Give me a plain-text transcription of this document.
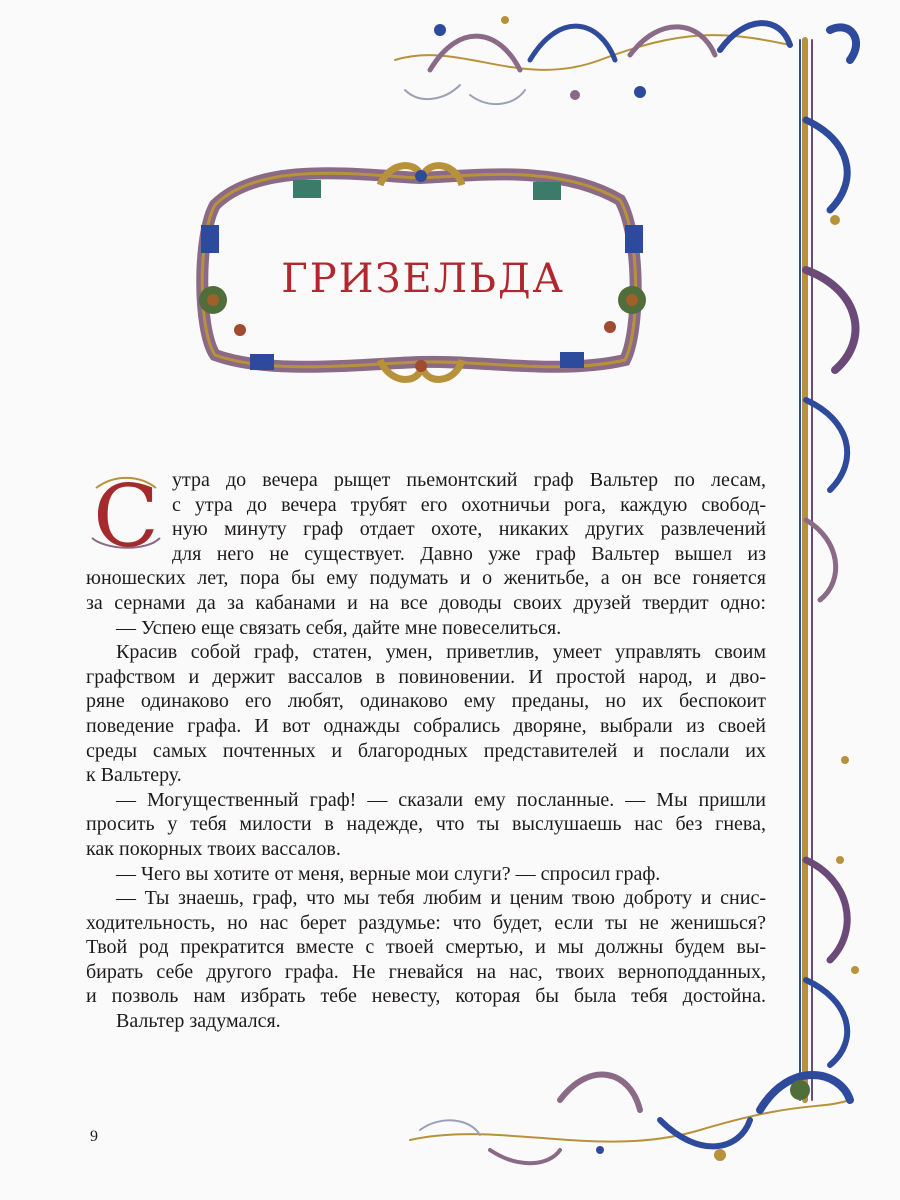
ГРИЗЕЛЬДА
С утра до вечера рыщет пьемонтский граф Вальтер по лесам,
с утра до вечера трубят его охотничьи рога, каждую свобод-
ную минуту граф отдает охоте, никаких других развлечений
для него не существует. Давно уже граф Вальтер вышел из
юношеских лет, пора бы ему подумать и о женитьбе, а он все гоняется
за сернами да за кабанами и на все доводы своих друзей твердит одно:
— Успею еще связать себя, дайте мне повеселиться.
Красив собой граф, статен, умен, приветлив, умеет управлять своим
графством и держит вассалов в повиновении. И простой народ, и дво-
ряне одинаково его любят, одинаково ему преданы, но их беспокоит
поведение графа. И вот однажды собрались дворяне, выбрали из своей
среды самых почтенных и благородных представителей и послали их
к Вальтеру.
— Могущественный граф! — сказали ему посланные. — Мы пришли
просить у тебя милости в надежде, что ты выслушаешь нас без гнева,
как покорных твоих вассалов.
— Чего вы хотите от меня, верные мои слуги? — спросил граф.
— Ты знаешь, граф, что мы тебя любим и ценим твою доброту и снис-
ходительность, но нас берет раздумье: что будет, если ты не женишься?
Твой род прекратится вместе с твоей смертью, и мы должны будем вы-
бирать себе другого графа. Не гневайся на нас, твоих верноподданных,
и позволь нам избрать тебе невесту, которая бы была тебя достойна.
Вальтер задумался.
9
